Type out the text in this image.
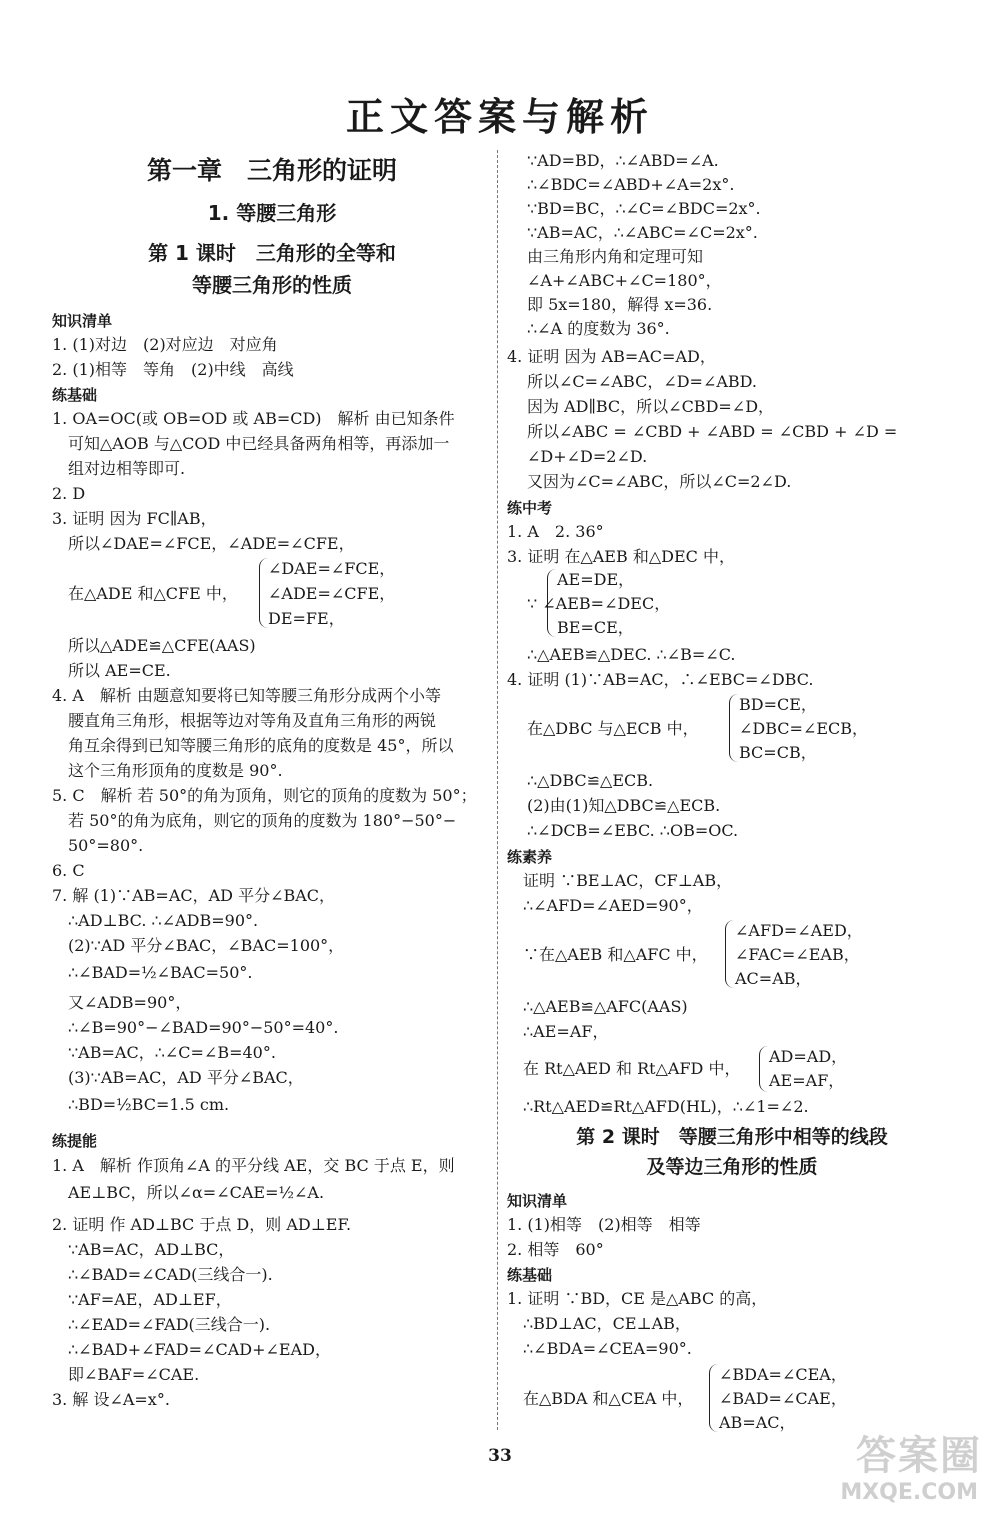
正文答案与解析
第一章　三角形的证明
1. 等腰三角形
第 1 课时　三角形的全等和
等腰三角形的性质
知识清单
1. (1)对边　(2)对应边　对应角
2. (1)相等　等角　(2)中线　高线
练基础
1. OA=OC(或 OB=OD 或 AB=CD)　解析 由已知条件
可知△AOB 与△COD 中已经具备两角相等，再添加一
组对边相等即可.
2. D
3. 证明 因为 FC∥AB，
所以∠DAE=∠FCE，∠ADE=∠CFE，
∠DAE=∠FCE，
在△ADE 和△CFE 中， ∠ADE=∠CFE，
DE=FE，
所以△ADE≌△CFE(AAS)
所以 AE=CE.
4. A　解析 由题意知要将已知等腰三角形分成两个小等
腰直角三角形，根据等边对等角及直角三角形的两锐
角互余得到已知等腰三角形的底角的度数是 45°，所以
这个三角形顶角的度数是 90°.
5. C　解析 若 50°的角为顶角，则它的顶角的度数为 50°；
若 50°的角为底角，则它的顶角的度数为 180°−50°−
50°=80°.
6. C
7. 解 (1)∵AB=AC，AD 平分∠BAC，
∴AD⊥BC. ∴∠ADB=90°.
(2)∵AD 平分∠BAC，∠BAC=100°，
∴∠BAD=½∠BAC=50°.
又∠ADB=90°，
∴∠B=90°−∠BAD=90°−50°=40°.
∵AB=AC，∴∠C=∠B=40°.
(3)∵AB=AC，AD 平分∠BAC，
∴BD=½BC=1.5 cm.
练提能
1. A　解析 作顶角∠A 的平分线 AE，交 BC 于点 E，则
AE⊥BC，所以∠α=∠CAE=½∠A.
2. 证明 作 AD⊥BC 于点 D，则 AD⊥EF.
∵AB=AC，AD⊥BC，
∴∠BAD=∠CAD(三线合一).
∵AF=AE，AD⊥EF，
∴∠EAD=∠FAD(三线合一).
∴∠BAD+∠FAD=∠CAD+∠EAD，
即∠BAF=∠CAE.
3. 解 设∠A=x°.
∵AD=BD，∴∠ABD=∠A.
∴∠BDC=∠ABD+∠A=2x°.
∵BD=BC，∴∠C=∠BDC=2x°.
∵AB=AC，∴∠ABC=∠C=2x°.
由三角形内角和定理可知
∠A+∠ABC+∠C=180°，
即 5x=180，解得 x=36.
∴∠A 的度数为 36°.
4. 证明 因为 AB=AC=AD，
所以∠C=∠ABC，∠D=∠ABD.
因为 AD∥BC，所以∠CBD=∠D，
所以∠ABC = ∠CBD + ∠ABD = ∠CBD + ∠D =
∠D+∠D=2∠D.
又因为∠C=∠ABC，所以∠C=2∠D.
练中考
1. A　2. 36°
3. 证明 在△AEB 和△DEC 中，
AE=DE，
∵ ∠AEB=∠DEC，
BE=CE，
∴△AEB≌△DEC. ∴∠B=∠C.
4. 证明 (1)∵AB=AC，∴∠EBC=∠DBC.
BD=CE，
在△DBC 与△ECB 中，	∠DBC=∠ECB，
BC=CB，
∴△DBC≌△ECB.
(2)由(1)知△DBC≌△ECB.
∴∠DCB=∠EBC. ∴OB=OC.
练素养
证明 ∵BE⊥AC，CF⊥AB，
∴∠AFD=∠AED=90°，
∠AFD=∠AED，
∵在△AEB 和△AFC 中， ∠FAC=∠EAB，
AC=AB，
∴△AEB≌△AFC(AAS)
∴AE=AF，
AD=AD，
在 Rt△AED 和 Rt△AFD 中，
AE=AF，
∴Rt△AED≌Rt△AFD(HL)，∴∠1=∠2.
第 2 课时　等腰三角形中相等的线段
及等边三角形的性质
知识清单
1. (1)相等　(2)相等　相等
2. 相等　60°
练基础
1. 证明 ∵BD，CE 是△ABC 的高，
∴BD⊥AC，CE⊥AB，
∴∠BDA=∠CEA=90°.
∠BDA=∠CEA，
在△BDA 和△CEA 中， ∠BAD=∠CAE，
AB=AC，
33	答案圈
MXQE.COM
